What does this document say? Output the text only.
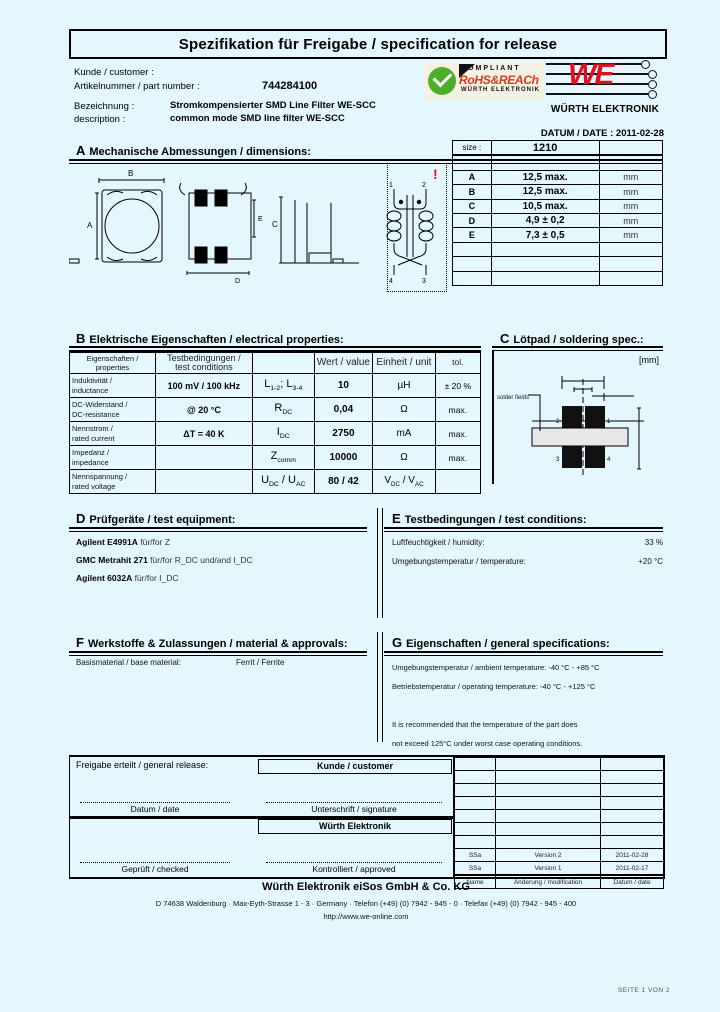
Spezifikation für Freigabe / specification for release
Kunde / customer :
Artikelnummer / part number :
	744284100
Bezeichnung :
description :
Stromkompensierter SMD Line Filter WE-SCC
common mode SMD line filter WE-SCC
COMPLIANT
RoHS&REACh
WÜRTH ELEKTRONIK WE
WÜRTH ELEKTRONIK
DATUM / DATE : 2011-02-28
A Mechanische Abmessungen / dimensions:
B
A
3 4
2 1
E
D
C
1	2
4	3
!
size :	1210	

A	12,5 max.	mm
B	12,5 max.	mm
C	10,5 max.	mm
D	4,9 ± 0,2	mm
E	7,3 ± 0,5	mm

B Elektrische Eigenschaften / electrical properties:
Eigenschaften /
properties

Testbedingungen /
test conditions		Wert / value	Einheit / unit	tol.

Induktivität /
inductance	100 mV / 100 kHz	$L_{1-2}$; $L_{3-4}$	10	µH	± 20 %

DC-Widerstand /
DC-resistance	@ 20 °C	$R_{DC}$	0,04	Ω	max.

Nennstrom /
rated current	ΔT = 40 K	$I_{DC}$	2750	mA	max.

Impedanz /
impedance		$Z_{comm}$	10000	Ω	max.

Nennspannung /
rated voltage		$U_{DC} / U_{AC}$	80 / 42	$V_{DC} / V_{AC}$	
C Lötpad / soldering spec.:
[mm]
solder fields
2	1
3	4
D Prüfgeräte / test equipment:
Agilent E4991A für/for Z
GMC Metrahit 271 für/for R_DC und/and I_DC
Agilent 6032A für/for I_DC
E Testbedingungen / test conditions:
Luftfeuchtigkeit / humidity:	33 %
Umgebungstemperatur / temperature:	+20 °C
F Werkstoffe & Zulassungen / material & approvals:
Basismaterial / base material:	Ferrit / Ferrite
G Eigenschaften / general specifications:
Umgebungstemperatur / ambient temperature: -40 °C - +85 °C
Betriebstemperatur / operating temperature: -40 °C - +125 °C

It is recommended that the temperature of the part does
not exceed 125°C under worst case operating conditions.
Freigabe erteilt / general release:	Kunde / customer
Datum / date	Unterschrift / signature
Würth Elektronik
Geprüft / checked	Kontrolliert / approved

SSa	Version 2	2011-02-28
SSa	Version 1	2011-02-17
Name	Änderung / modification	Datum / date
Würth Elektronik eiSos GmbH & Co. KG
D 74638 Waldenburg · Max-Eyth-Strasse 1 - 3 · Germany · Telefon (+49) (0) 7942 - 945 - 0 · Telefax (+49) (0) 7942 - 945 - 400
http://www.we-online.com
SEITE 1 VON 2
